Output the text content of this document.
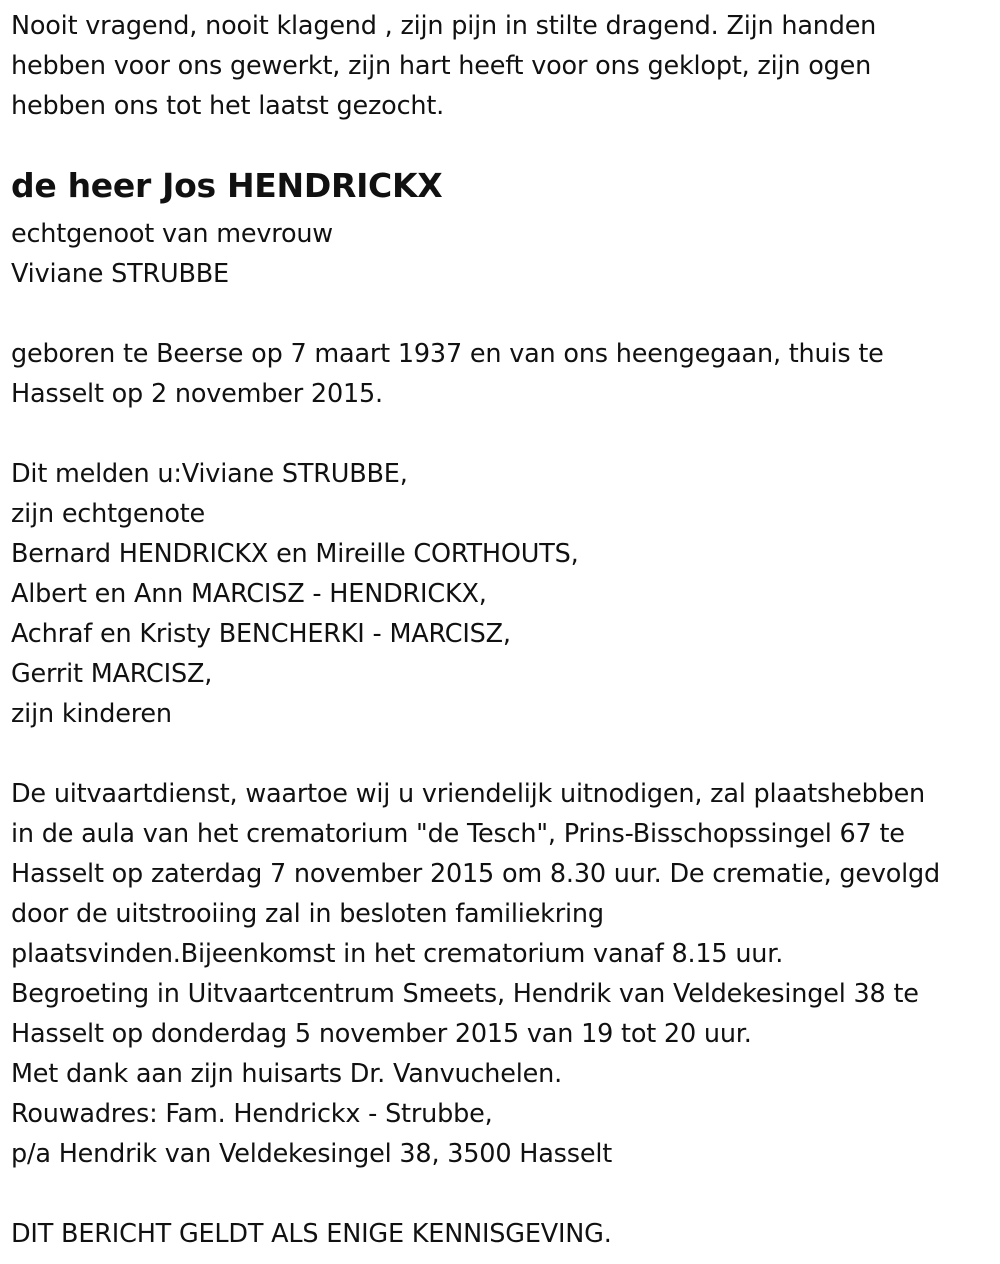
Nooit vragend, nooit klagend , zijn pijn in stilte dragend. Zijn handen
hebben voor ons gewerkt, zijn hart heeft voor ons geklopt, zijn ogen
hebben ons tot het laatst gezocht.
de heer Jos HENDRICKX
echtgenoot van mevrouw
Viviane STRUBBE
geboren te Beerse op 7 maart 1937 en van ons heengegaan, thuis te
Hasselt op 2 november 2015.
Dit melden u:Viviane STRUBBE,
zijn echtgenote
Bernard HENDRICKX en Mireille CORTHOUTS,
Albert en Ann MARCISZ - HENDRICKX,
Achraf en Kristy BENCHERKI - MARCISZ,
Gerrit MARCISZ,
zijn kinderen
De uitvaartdienst, waartoe wij u vriendelijk uitnodigen, zal plaatshebben
in de aula van het crematorium "de Tesch", Prins-Bisschopssingel 67 te
Hasselt op zaterdag 7 november 2015 om 8.30 uur. De crematie, gevolgd
door de uitstrooiing zal in besloten familiekring
plaatsvinden.Bijeenkomst in het crematorium vanaf 8.15 uur.
Begroeting in Uitvaartcentrum Smeets, Hendrik van Veldekesingel 38 te
Hasselt op donderdag 5 november 2015 van 19 tot 20 uur.
Met dank aan zijn huisarts Dr. Vanvuchelen.
Rouwadres: Fam. Hendrickx - Strubbe,
p/a Hendrik van Veldekesingel 38, 3500 Hasselt
DIT BERICHT GELDT ALS ENIGE KENNISGEVING.
